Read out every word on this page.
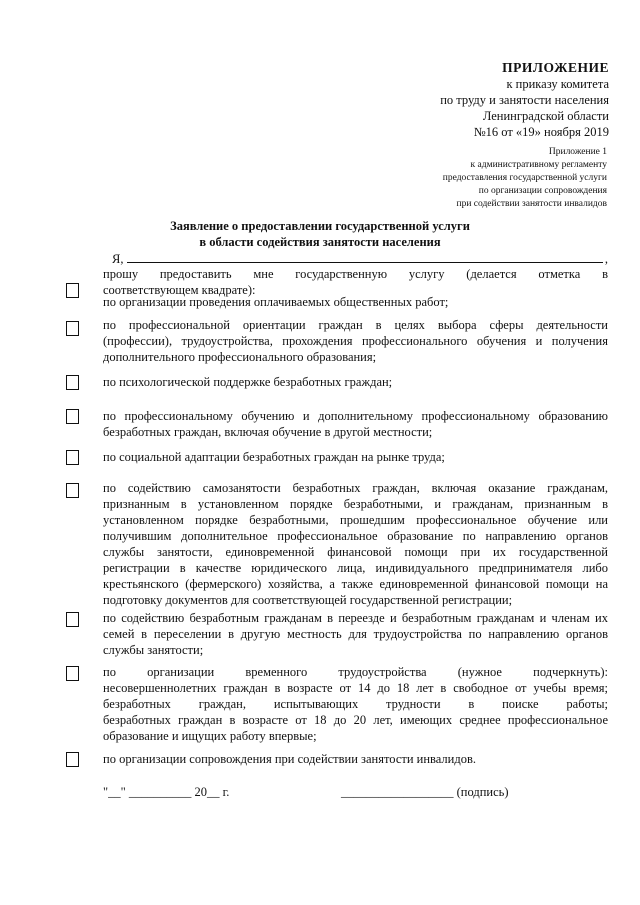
ПРИЛОЖЕНИЕ
к приказу комитета
по труду и занятости населения
Ленинградской области
№16 от «19» ноября 2019
Приложение 1
к административному регламенту
предоставления государственной услуги
по организации сопровождения
при содействии занятости инвалидов
Заявление о предоставлении государственной услуги
в области содействия занятости населения
Я,	,
прошу предоставить мне государственную услугу (делается отметка в
соответствующем квадрате):
по организации проведения оплачиваемых общественных работ;
по профессиональной ориентации граждан в целях выбора сферы деятельности
(профессии), трудоустройства, прохождения профессионального обучения и получения
дополнительного профессионального образования;
по психологической поддержке безработных граждан;
по профессиональному обучению и дополнительному профессиональному образованию
безработных граждан, включая обучение в другой местности;
по социальной адаптации безработных граждан на рынке труда;
по содействию самозанятости безработных граждан, включая оказание гражданам,
признанным в установленном порядке безработными, и гражданам, признанным в
установленном порядке безработными, прошедшим профессиональное обучение или
получившим дополнительное профессиональное образование по направлению органов
службы занятости, единовременной финансовой помощи при их государственной
регистрации в качестве юридического лица, индивидуального предпринимателя либо
крестьянского (фермерского) хозяйства, а также единовременной финансовой помощи на
подготовку документов для соответствующей государственной регистрации;
по содействию безработным гражданам в переезде и безработным гражданам и членам их
семей в переселении в другую местность для трудоустройства по направлению органов
службы занятости;
по организации временного трудоустройства (нужное подчеркнуть):
несовершеннолетних граждан в возрасте от 14 до 18 лет в свободное от учебы время;
безработных граждан, испытывающих трудности в поиске работы;
безработных граждан в возрасте от 18 до 20 лет, имеющих среднее профессиональное
образование и ищущих работу впервые;
по организации сопровождения при содействии занятости инвалидов.
"__" __________ 20__ г.	__________________ (подпись)
